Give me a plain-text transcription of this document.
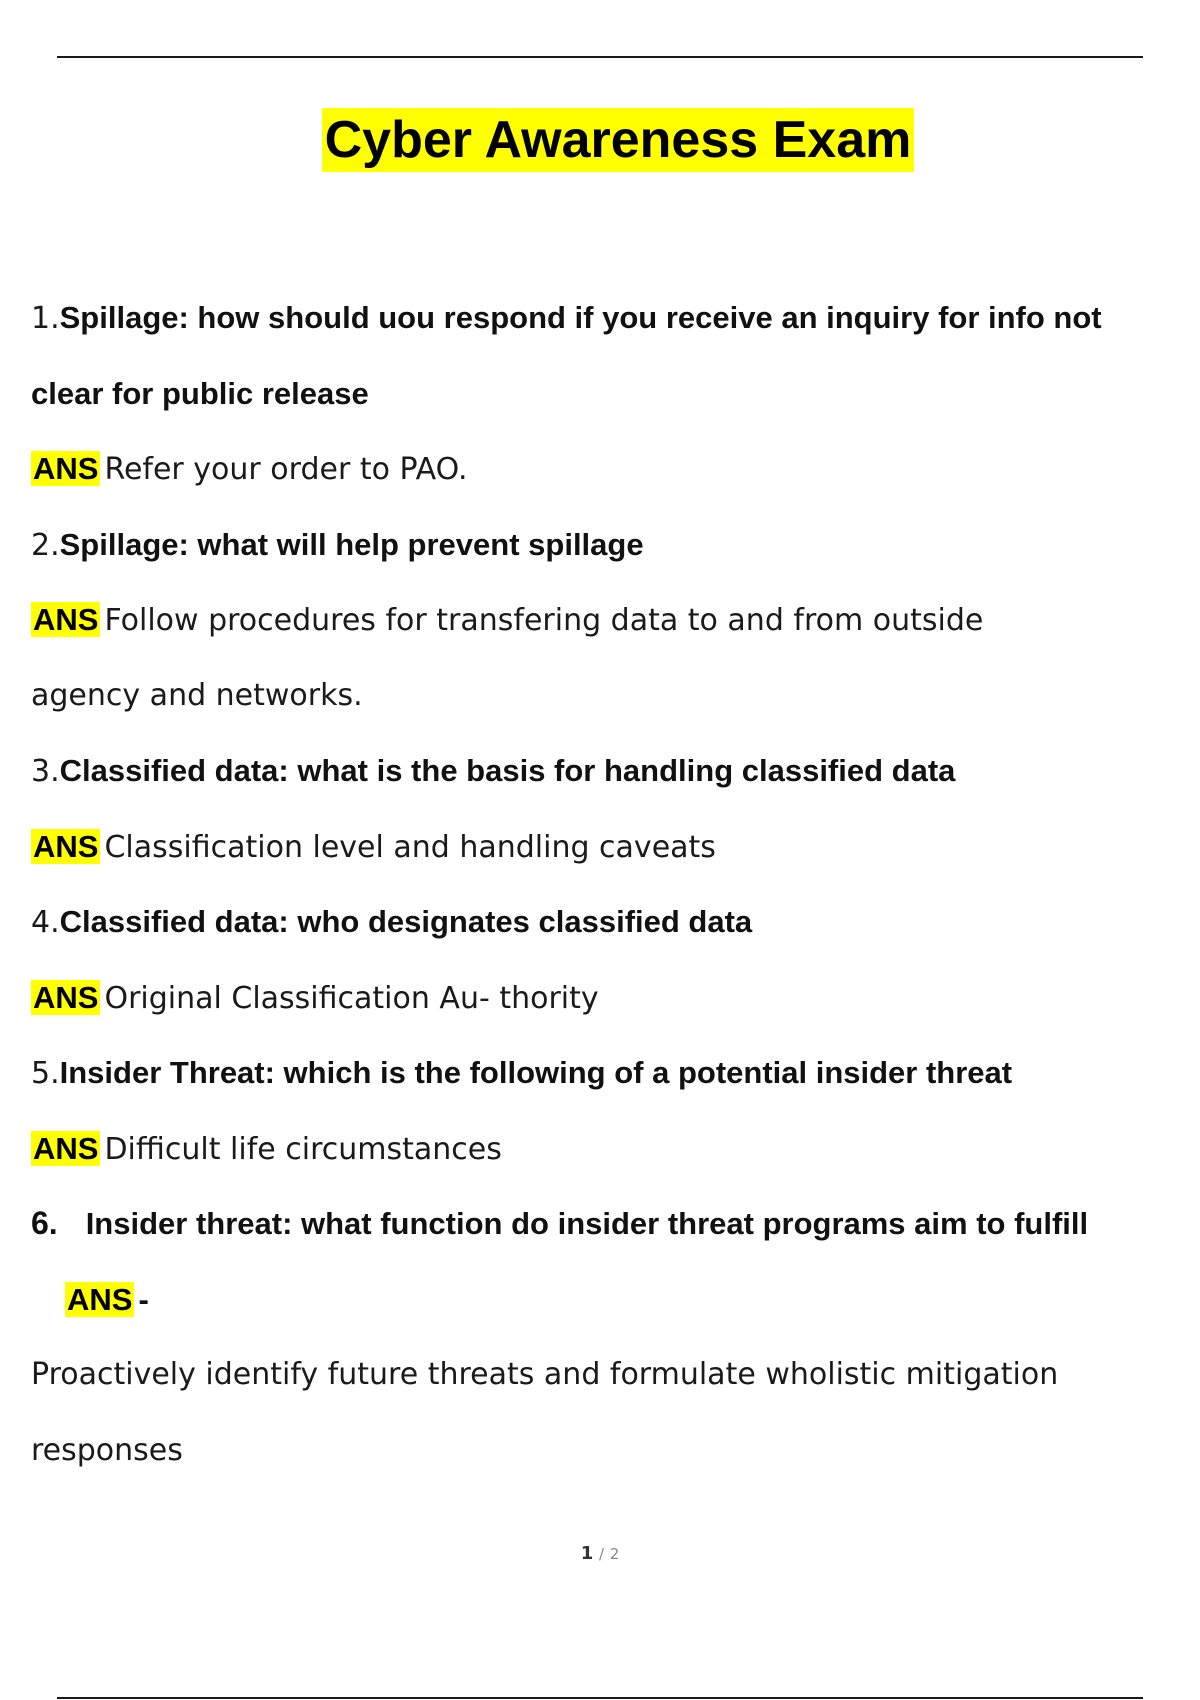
Cyber Awareness Exam
1.Spillage: how should uou respond if you receive an inquiry for info not
clear for public release
ANS Refer your order to PAO.
2.Spillage: what will help prevent spillage
ANS Follow procedures for transfering data to and from outside
agency and networks.
3.Classified data: what is the basis for handling classified data
ANS Classification level and handling caveats
4.Classified data: who designates classified data
ANS Original Classification Au- thority
5.Insider Threat: which is the following of a potential insider threat
ANS Difficult life circumstances
6. Insider threat: what function do insider threat programs aim to fulfill
ANS -
Proactively identify future threats and formulate wholistic mitigation
responses
1 / 2
